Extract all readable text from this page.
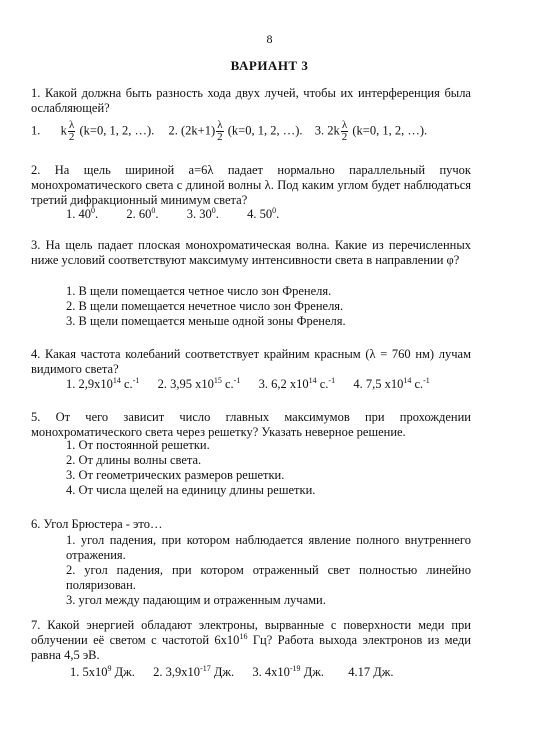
8
ВАРИАНТ 3
1. Какой должна быть разность хода двух лучей, чтобы их интерференция была ослабляющей?
1. k $\frac{\lambda}{2} (k=0$, 1, 2, …). 2. $(2k+1) \frac{\lambda}{2} (k=0$, 1, 2, …). 3. $2k \frac{\lambda}{2} (k=0$, 1, 2, …).
2. На щель шириной a=6λ падает нормально параллельный пучок монохроматического света с длиной волны λ. Под каким углом будет наблюдаться третий дифракционный минимум света?
1. $40^0$. 2. $60^0$. 3. $30^0$. 4. $50^0$.
3. На щель падает плоская монохроматическая волна. Какие из перечисленных ниже условий соответствуют максимуму интенсивности света в направлении φ?
1. В щели помещается четное число зон Френеля.
2. В щели помещается нечетное число зон Френеля.
3. В щели помещается меньше одной зоны Френеля.
4. Какая частота колебаний соответствует крайним красным (λ = 760 нм) лучам видимого света?
1. $2,9x10^{14}$ с.$^{-1}$ 2. 3,95 $x10^{15}$ с.$^{-1}$ 3. 6,2 $x10^{14}$ с.$^{-1}$ 4. 7,5 $x10^{14}$ с.$^{-1}$
5. От чего зависит число главных максимумов при прохождении монохроматического света через решетку? Указать неверное решение.
1. От постоянной решетки.
2. От длины волны света.
3. От геометрических размеров решетки.
4. От числа щелей на единицу длины решетки.
6. Угол Брюстера - это…
1. угол падения, при котором наблюдается явление полного внутреннего отражения.
2. угол падения, при котором отраженный свет полностью линейно поляризован.
3. угол между падающим и отраженным лучами.
7. Какой энергией обладают электроны, вырванные с поверхности меди при облучении её светом с частотой $6x10^{16}$ Гц? Работа выхода электронов из меди равна 4,5 эВ.
1. $5x10^9$ Дж. 2. $3,9x10^{-17}$ Дж. 3. $4x10^{-19}$ Дж. 4.17 Дж.
